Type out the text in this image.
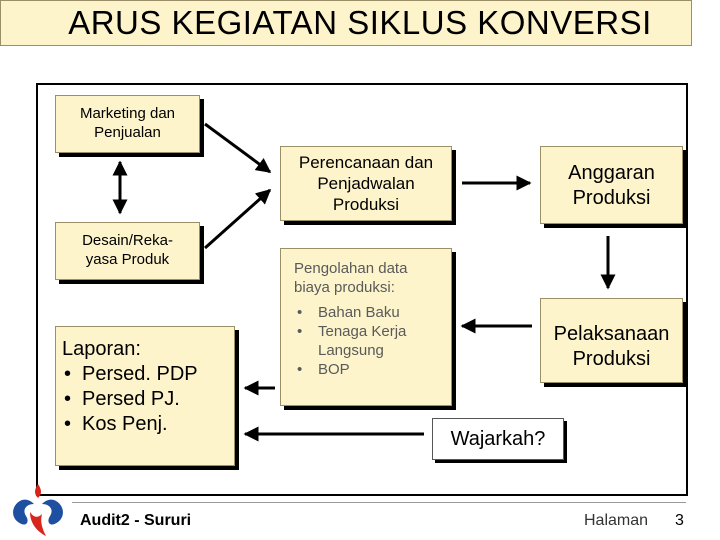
ARUS KEGIATAN SIKLUS KONVERSI
Marketing dan
Penjualan
Desain/Reka-
yasa Produk
Perencanaan dan
Penjadwalan
Produksi
Anggaran
Produksi
Pelaksanaan
Produksi
Laporan:
• Persed. PDP
• Persed PJ.
• Kos Penj.
Pengolahan data
biaya produksi:
• Bahan Baku
• Tenaga Kerja Langsung
• BOP
Wajarkah?
Audit2 - Sururi	Halaman 3
